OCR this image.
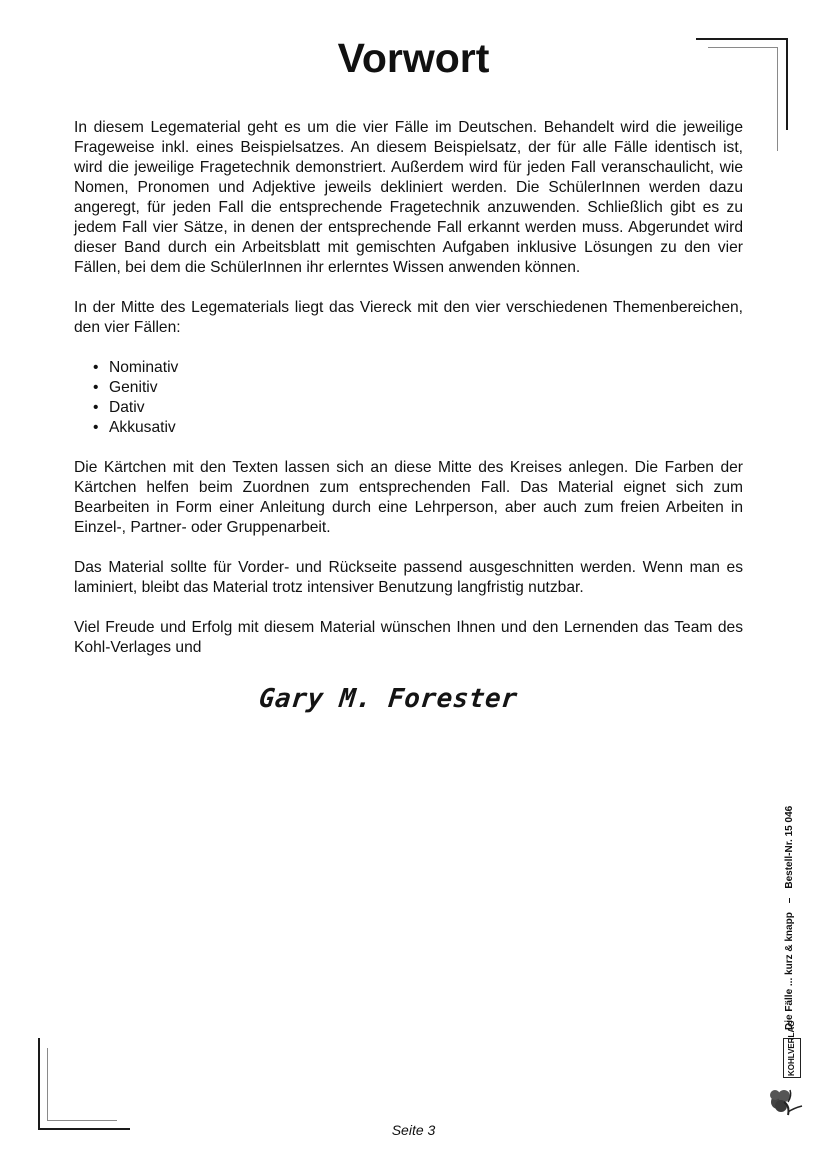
Vorwort

In diesem Legematerial geht es um die vier Fälle im Deutschen. Behandelt wird die jeweilige Frageweise inkl. eines Beispielsatzes. An diesem Beispielsatz, der für alle Fälle identisch ist, wird die jeweilige Fragetechnik demonstriert. Außerdem wird für jeden Fall veranschaulicht, wie Nomen, Pronomen und Adjektive jeweils dekliniert werden. Die SchülerInnen werden dazu angeregt, für jeden Fall die entsprechende Fragetechnik anzuwenden. Schließlich gibt es zu jedem Fall vier Sätze, in denen der entsprechende Fall erkannt werden muss. Abgerundet wird dieser Band durch ein Arbeitsblatt mit gemischten Aufgaben inklusive Lösungen zu den vier Fällen, bei dem die SchülerInnen ihr erlerntes Wissen anwenden können.

In der Mitte des Legematerials liegt das Viereck mit den vier verschiedenen Themenbereichen, den vier Fällen:

• Nominativ
• Genitiv
• Dativ
• Akkusativ

Die Kärtchen mit den Texten lassen sich an diese Mitte des Kreises anlegen. Die Farben der Kärtchen helfen beim Zuordnen zum entsprechenden Fall. Das Material eignet sich zum Bearbeiten in Form einer Anleitung durch eine Lehrperson, aber auch zum freien Arbeiten in Einzel-, Partner- oder Gruppenarbeit.

Das Material sollte für Vorder- und Rückseite passend ausgeschnitten werden. Wenn man es laminiert, bleibt das Material trotz intensiver Benutzung langfristig nutzbar.

Viel Freude und Erfolg mit diesem Material wünschen Ihnen und den Lernenden das Team des Kohl-Verlages und

Gary M. Forester
Die Fälle ... kurz & knapp – Bestell-Nr. 15 046
KOHLVERLAG
Seite 3
